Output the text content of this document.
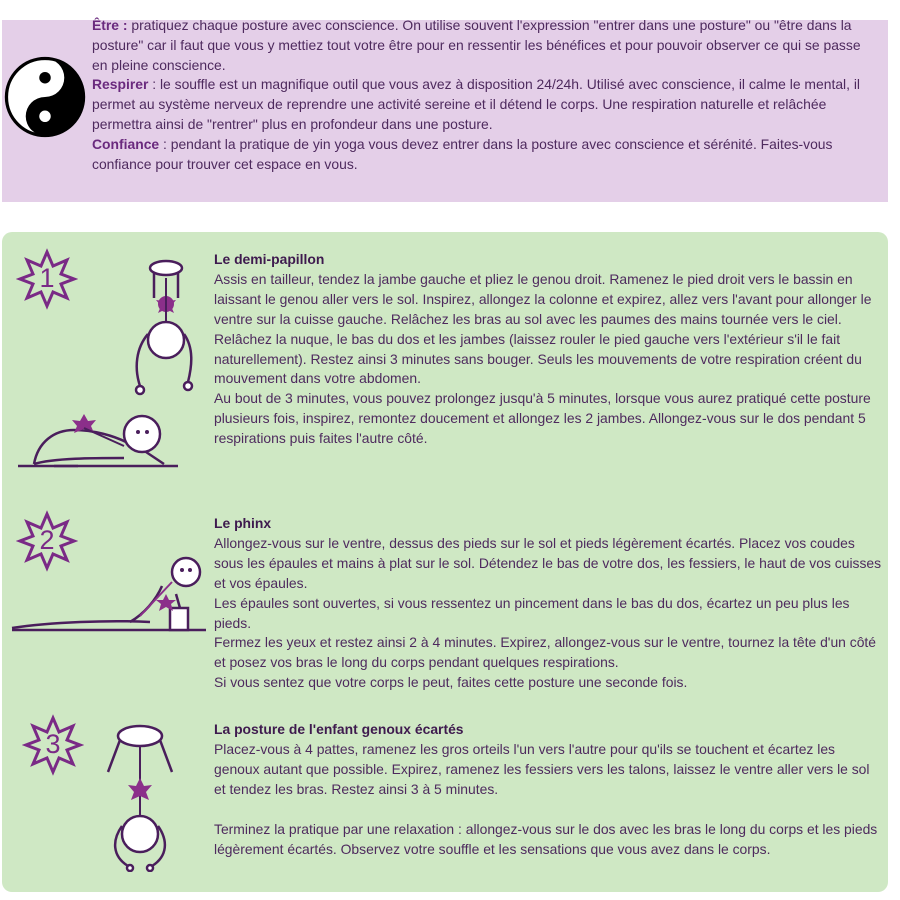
Être : pratiquez chaque posture avec conscience. On utilise souvent l'expression "entrer dans une posture" ou "être dans la posture" car il faut que vous y mettiez tout votre être pour en ressentir les bénéfices et pour pouvoir observer ce qui se passe en pleine conscience.

Respirer : le souffle est un magnifique outil que vous avez à disposition 24/24h. Utilisé avec conscience, il calme le mental, il permet au système nerveux de reprendre une activité sereine et il détend le corps. Une respiration naturelle et relâchée permettra ainsi de "rentrer" plus en profondeur dans une posture.

Confiance : pendant la pratique de yin yoga vous devez entrer dans la posture avec conscience et sérénité. Faites-vous confiance pour trouver cet espace en vous.

1

Le demi-papillon

Assis en tailleur, tendez la jambe gauche et pliez le genou droit. Ramenez le pied droit vers le bassin en laissant le genou aller vers le sol. Inspirez, allongez la colonne et expirez, allez vers l'avant pour allonger le ventre sur la cuisse gauche. Relâchez les bras au sol avec les paumes des mains tournée vers le ciel. Relâchez la nuque, le bas du dos et les jambes (laissez rouler le pied gauche vers l'extérieur s'il le fait naturellement). Restez ainsi 3 minutes sans bouger. Seuls les mouvements de votre respiration créent du mouvement dans votre abdomen.

Au bout de 3 minutes, vous pouvez prolongez jusqu'à 5 minutes, lorsque vous aurez pratiqué cette posture plusieurs fois, inspirez, remontez doucement et allongez les 2 jambes. Allongez-vous sur le dos pendant 5 respirations puis faites l'autre côté.

2

Le phinx

Allongez-vous sur le ventre, dessus des pieds sur le sol et pieds légèrement écartés. Placez vos coudes sous les épaules et mains à plat sur le sol. Détendez le bas de votre dos, les fessiers, le haut de vos cuisses et vos épaules.

Les épaules sont ouvertes, si vous ressentez un pincement dans le bas du dos, écartez un peu plus les pieds.

Fermez les yeux et restez ainsi 2 à 4 minutes. Expirez, allongez-vous sur le ventre, tournez la tête d'un côté et posez vos bras le long du corps pendant quelques respirations.

Si vous sentez que votre corps le peut, faites cette posture une seconde fois.

3	La posture de l'enfant genoux écartés

Placez-vous à 4 pattes, ramenez les gros orteils l'un vers l'autre pour qu'ils se touchent et écartez les genoux autant que possible. Expirez, ramenez les fessiers vers les talons, laissez le ventre aller vers le sol et tendez les bras. Restez ainsi 3 à 5 minutes.

Terminez la pratique par une relaxation : allongez-vous sur le dos avec les bras le long du corps et les pieds légèrement écartés. Observez votre souffle et les sensations que vous avez dans le corps.
